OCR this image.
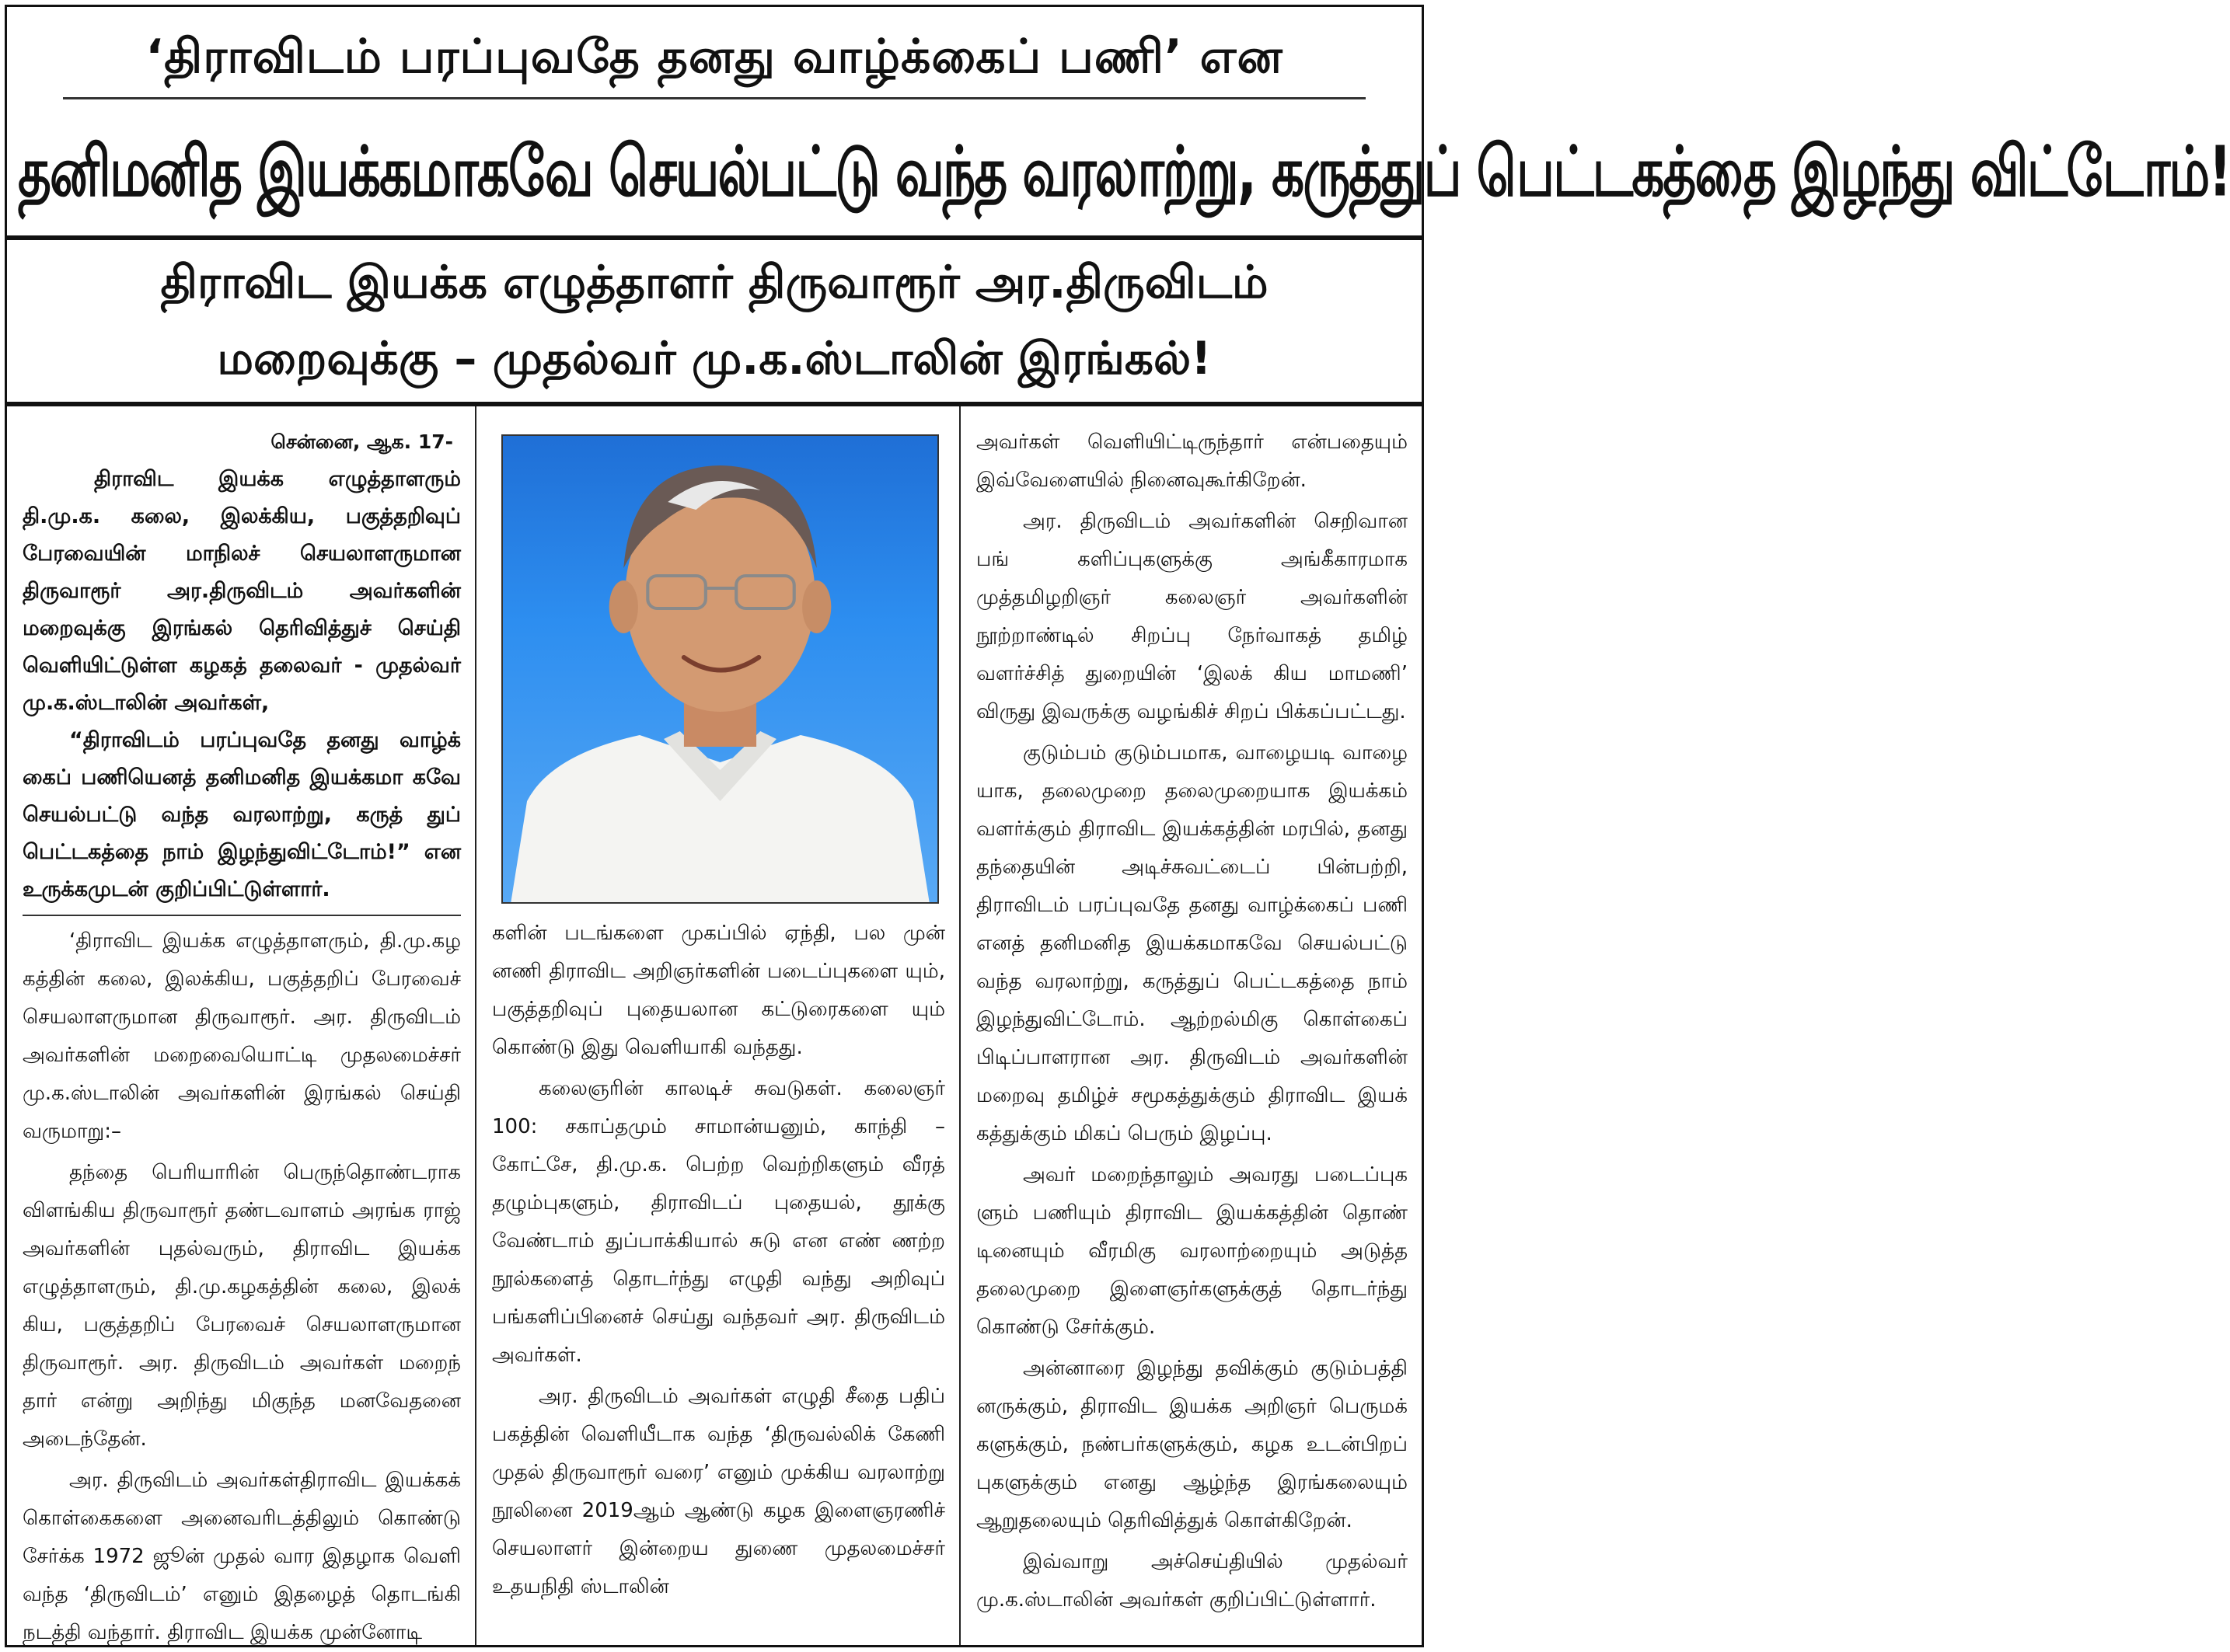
‘திராவிடம் பரப்புவதே தனது வாழ்க்கைப் பணி’ என
தனிமனித இயக்கமாகவே செயல்பட்டு வந்த வரலாற்று, கருத்துப் பெட்டகத்தை இழந்து விட்டோம்!
திராவிட இயக்க எழுத்தாளர் திருவாரூர் அர.திருவிடம்
மறைவுக்கு – முதல்வர் மு.க.ஸ்டாலின் இரங்கல்!
சென்னை, ஆக. 17-

திராவிட இயக்க எழுத்தாளரும் தி.மு.க. கலை, இலக்கிய, பகுத்தறிவுப் பேரவையின் மாநிலச் செயலாளருமான திருவாரூர் அர.திருவிடம் அவர்களின் மறைவுக்கு இரங்கல் தெரிவித்துச் செய்தி வெளியிட்டுள்ள கழகத் தலைவர் - முதல்வர் மு.க.ஸ்டாலின் அவர்கள்,

“திராவிடம் பரப்புவதே தனது வாழ்க் கைப் பணியெனத் தனிமனித இயக்கமா கவே செயல்பட்டு வந்த வரலாற்று, கருத் துப் பெட்டகத்தை நாம் இழந்துவிட்டோம்!” என உருக்கமுடன் குறிப்பிட்டுள்ளார்.

‘திராவிட இயக்க எழுத்தாளரும், தி.மு.கழ கத்தின் கலை, இலக்கிய, பகுத்தறிப் பேரவைச் செயலாளருமான திருவாரூர். அர. திருவிடம் அவர்களின் மறைவையொட்டி முதலமைச்சர் மு.க.ஸ்டாலின் அவர்களின் இரங்கல் செய்தி வருமாறு:–

தந்தை பெரியாரின் பெருந்தொண்டராக விளங்கிய திருவாரூர் தண்டவாளம் அரங்க ராஜ் அவர்களின் புதல்வரும், திராவிட இயக்க எழுத்தாளரும், தி.மு.கழகத்தின் கலை, இலக் கிய, பகுத்தறிப் பேரவைச் செயலாளருமான திருவாரூர். அர. திருவிடம் அவர்கள் மறைந் தார் என்று அறிந்து மிகுந்த மனவேதனை அடைந்தேன்.

அர. திருவிடம் அவர்கள்திராவிட இயக்கக் கொள்கைகளை அனைவரிடத்திலும் கொண்டு சேர்க்க 1972 ஜூன் முதல் வார இதழாக வெளி வந்த ‘திருவிடம்’ எனும் இதழைத் தொடங்கி நடத்தி வந்தார். திராவிட இயக்க முன்னோடி

களின் படங்களை முகப்பில் ஏந்தி, பல முன் னணி திராவிட அறிஞர்களின் படைப்புகளை யும், பகுத்தறிவுப் புதையலான கட்டுரைகளை யும் கொண்டு இது வெளியாகி வந்தது.

கலைஞரின் காலடிச் சுவடுகள். கலைஞர் 100: சகாப்தமும் சாமான்யனும், காந்தி – கோட்சே, தி.மு.க. பெற்ற வெற்றிகளும் வீரத் தழும்புகளும், திராவிடப் புதையல், தூக்கு வேண்டாம் துப்பாக்கியால் சுடு என எண் ணற்ற நூல்களைத் தொடர்ந்து எழுதி வந்து அறிவுப் பங்களிப்பினைச் செய்து வந்தவர் அர. திருவிடம் அவர்கள்.

அர. திருவிடம் அவர்கள் எழுதி சீதை பதிப் பகத்தின் வெளியீடாக வந்த ‘திருவல்லிக் கேணி முதல் திருவாரூர் வரை’ எனும் முக்கிய வரலாற்று நூலினை 2019ஆம் ஆண்டு கழக இளைஞரணிச் செயலாளர் இன்றைய துணை முதலமைச்சர் உதயநிதி ஸ்டாலின்

அவர்கள் வெளியிட்டிருந்தார் என்பதையும் இவ்வேளையில் நினைவுகூர்கிறேன்.

அர. திருவிடம் அவர்களின் செறிவான பங் களிப்புகளுக்கு அங்கீகாரமாக முத்தமிழறிஞர் கலைஞர் அவர்களின் நூற்றாண்டில் சிறப்பு நேர்வாகத் தமிழ் வளர்ச்சித் துறையின் ‘இலக் கிய மாமணி’ விருது இவருக்கு வழங்கிச் சிறப் பிக்கப்பட்டது.

குடும்பம் குடும்பமாக, வாழையடி வாழை யாக, தலைமுறை தலைமுறையாக இயக்கம் வளர்க்கும் திராவிட இயக்கத்தின் மரபில், தனது தந்தையின் அடிச்சுவட்டைப் பின்பற்றி, திராவிடம் பரப்புவதே தனது வாழ்க்கைப் பணி எனத் தனிமனித இயக்கமாகவே செயல்பட்டு வந்த வரலாற்று, கருத்துப் பெட்டகத்தை நாம் இழந்துவிட்டோம். ஆற்றல்மிகு கொள்கைப் பிடிப்பாளரான அர. திருவிடம் அவர்களின் மறைவு தமிழ்ச் சமூகத்துக்கும் திராவிட இயக் கத்துக்கும் மிகப் பெரும் இழப்பு.

அவர் மறைந்தாலும் அவரது படைப்புக ளும் பணியும் திராவிட இயக்கத்தின் தொண் டினையும் வீரமிகு வரலாற்றையும் அடுத்த தலைமுறை இளைஞர்களுக்குத் தொடர்ந்து கொண்டு சேர்க்கும்.

அன்னாரை இழந்து தவிக்கும் குடும்பத்தி னருக்கும், திராவிட இயக்க அறிஞர் பெருமக் களுக்கும், நண்பர்களுக்கும், கழக உடன்பிறப் புகளுக்கும் எனது ஆழ்ந்த இரங்கலையும் ஆறுதலையும் தெரிவித்துக் கொள்கிறேன்.

இவ்வாறு அச்செய்தியில் முதல்வர் மு.க.ஸ்டாலின் அவர்கள் குறிப்பிட்டுள்ளார்.
